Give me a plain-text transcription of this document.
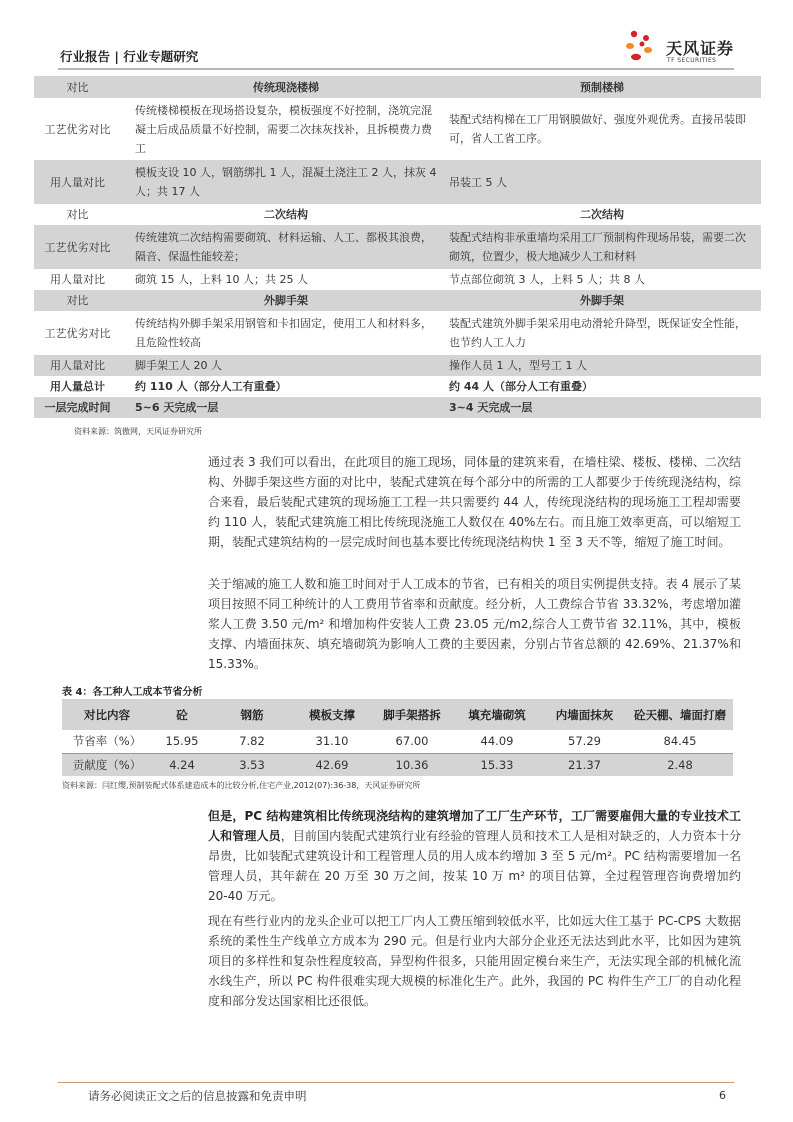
行业报告 | 行业专题研究	天风证券
TF SECURITIES
对比	传统现浇楼梯	预制楼梯
工艺优劣对比	传统楼梯模板在现场搭设复杂，模板强度不好控制，浇筑完混凝土后成品质量不好控制，需要二次抹灰找补，且拆模费力费工	装配式结构梯在工厂用钢膜做好、强度外观优秀。直接吊装即可，省人工省工序。
用人量对比	模板支设 10 人，钢筋绑扎 1 人，混凝土浇注工 2 人，抹灰 4 人；共 17 人	吊装工 5 人
对比	二次结构	二次结构
工艺优劣对比	传统建筑二次结构需要砌筑、材料运输、人工、都极其浪费，隔音、保温性能较差；	装配式结构非承重墙均采用工厂预制构件现场吊装，需要二次砌筑，位置少，极大地减少人工和材料
用人量对比	砌筑 15 人，上料 10 人；共 25 人	节点部位砌筑 3 人，上料 5 人；共 8 人
对比	外脚手架	外脚手架
工艺优劣对比	传统结构外脚手架采用钢管和卡扣固定，使用工人和材料多，且危险性较高	装配式建筑外脚手架采用电动滑轮升降型，既保证安全性能，也节约人工人力
用人量对比	脚手架工人 20 人	操作人员 1 人，型号工 1 人
用人量总计	约 110 人（部分人工有重叠）	约 44 人（部分人工有重叠）
一层完成时间	5~6 天完成一层	3~4 天完成一层
资料来源：筑傲网，天风证券研究所
通过表 3 我们可以看出，在此项目的施工现场，同体量的建筑来看，在墙柱梁、楼板、楼梯、二次结构、外脚手架这些方面的对比中，装配式建筑在每个部分中的所需的工人都要少于传统现浇结构，综合来看，最后装配式建筑的现场施工工程一共只需要约 44 人，传统现浇结构的现场施工工程却需要约 110 人，装配式建筑施工相比传统现浇施工人数仅在 40%左右。而且施工效率更高，可以缩短工期，装配式建筑结构的一层完成时间也基本要比传统现浇结构快 1 至 3 天不等，缩短了施工时间。
关于缩减的施工人数和施工时间对于人工成本的节省，已有相关的项目实例提供支持。表 4 展示了某项目按照不同工种统计的人工费用节省率和贡献度。经分析，人工费综合节省 33.32%，考虑增加灌浆人工费 3.50 元/m² 和增加构件安装人工费 23.05 元/m2,综合人工费节省 32.11%，其中，模板支撑、内墙面抹灰、填充墙砌筑为影响人工费的主要因素，分别占节省总额的 42.69%、21.37%和 15.33%。
表 4：各工种人工成本节省分析
对比内容	砼	钢筋	模板支撑	脚手架搭拆	填充墙砌筑	内墙面抹灰	砼天棚、墙面打磨
节省率（%）	15.95	7.82	31.10	67.00	44.09	57.29	84.45
贡献度（%）	4.24	3.53	42.69	10.36	15.33	21.37	2.48
资料来源：闫红缨,预制装配式体系建造成本的比较分析,住宅产业,2012(07):36-38，天风证券研究所
但是，PC 结构建筑相比传统现浇结构的建筑增加了工厂生产环节，工厂需要雇佣大量的专业技术工人和管理人员，目前国内装配式建筑行业有经验的管理人员和技术工人是相对缺乏的，人力资本十分昂贵，比如装配式建筑设计和工程管理人员的用人成本约增加 3 至 5 元/m²。PC 结构需要增加一名管理人员，其年薪在 20 万至 30 万之间，按某 10 万 m² 的项目估算，全过程管理咨询费增加约 20-40 万元。
现在有些行业内的龙头企业可以把工厂内人工费压缩到较低水平，比如远大住工基于 PC-CPS 大数据系统的柔性生产线单立方成本为 290 元。但是行业内大部分企业还无法达到此水平，比如因为建筑项目的多样性和复杂性程度较高，异型构件很多，只能用固定模台来生产，无法实现全部的机械化流水线生产，所以 PC 构件很难实现大规模的标准化生产。此外，我国的 PC 构件生产工厂的自动化程度和部分发达国家相比还很低。
请务必阅读正文之后的信息披露和免责申明	6
